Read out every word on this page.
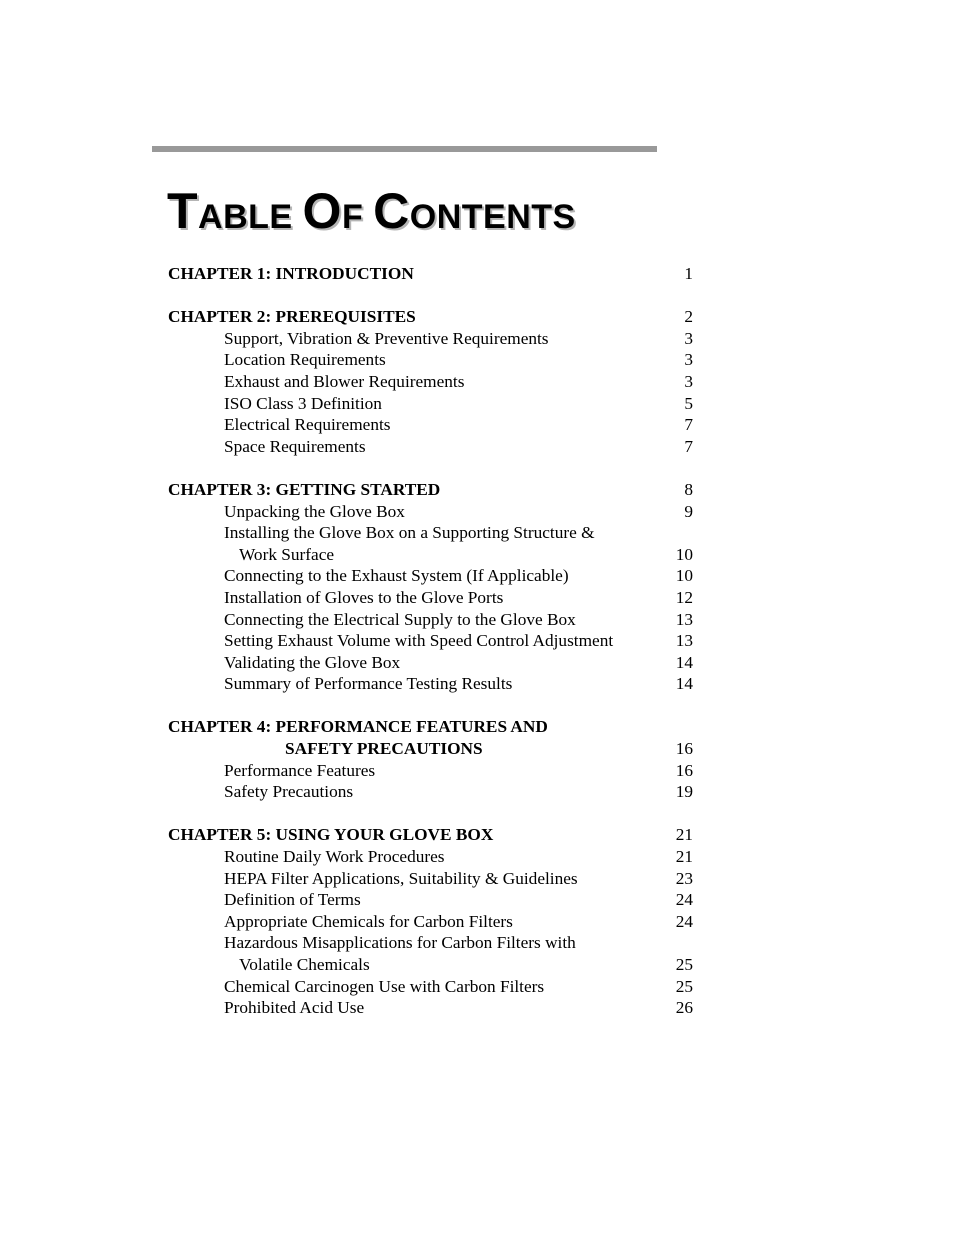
TABLE OF CONTENTS
CHAPTER 1: INTRODUCTION	1
CHAPTER 2: PREREQUISITES	2
Support, Vibration & Preventive Requirements	3
Location Requirements	3
Exhaust and Blower Requirements	3
ISO Class 3 Definition	5
Electrical Requirements	7
Space Requirements	7
CHAPTER 3: GETTING STARTED	8
Unpacking the Glove Box	9
Installing the Glove Box on a Supporting Structure &
Work Surface	10
Connecting to the Exhaust System (If Applicable)	10
Installation of Gloves to the Glove Ports	12
Connecting the Electrical Supply to the Glove Box	13
Setting Exhaust Volume with Speed Control Adjustment	13
Validating the Glove Box	14
Summary of Performance Testing Results	14
CHAPTER 4: PERFORMANCE FEATURES AND
SAFETY PRECAUTIONS	16
Performance Features	16
Safety Precautions	19
CHAPTER 5: USING YOUR GLOVE BOX	21
Routine Daily Work Procedures	21
HEPA Filter Applications, Suitability & Guidelines	23
Definition of Terms	24
Appropriate Chemicals for Carbon Filters	24
Hazardous Misapplications for Carbon Filters with
Volatile Chemicals	25
Chemical Carcinogen Use with Carbon Filters	25
Prohibited Acid Use	26
